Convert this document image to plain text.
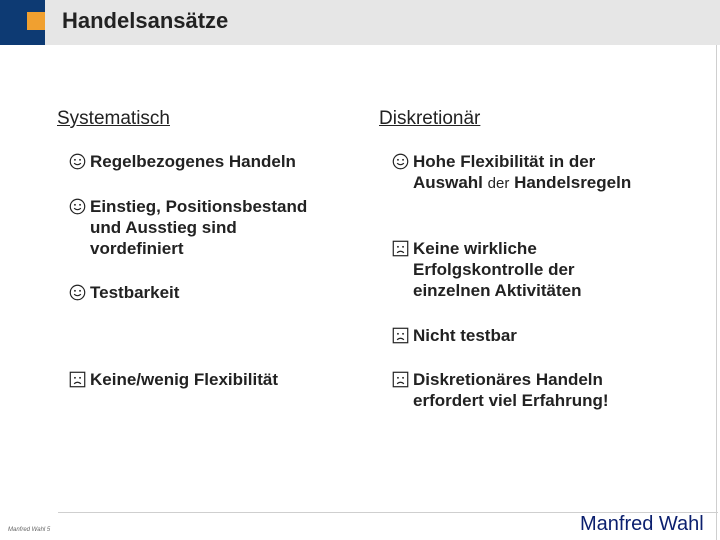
Handelsansätze
Systematisch
Regelbezogenes Handeln
Einstieg, Positionsbestand
und Ausstieg sind
vordefiniert
Testbarkeit
Keine/wenig Flexibilität
Diskretionär
Hohe Flexibilität in der
Auswahl der Handelsregeln
Keine wirkliche
Erfolgskontrolle der
einzelnen Aktivitäten
Nicht testbar
Diskretionäres Handeln
erfordert viel Erfahrung!
Manfred Wahl 5	Manfred Wahl
